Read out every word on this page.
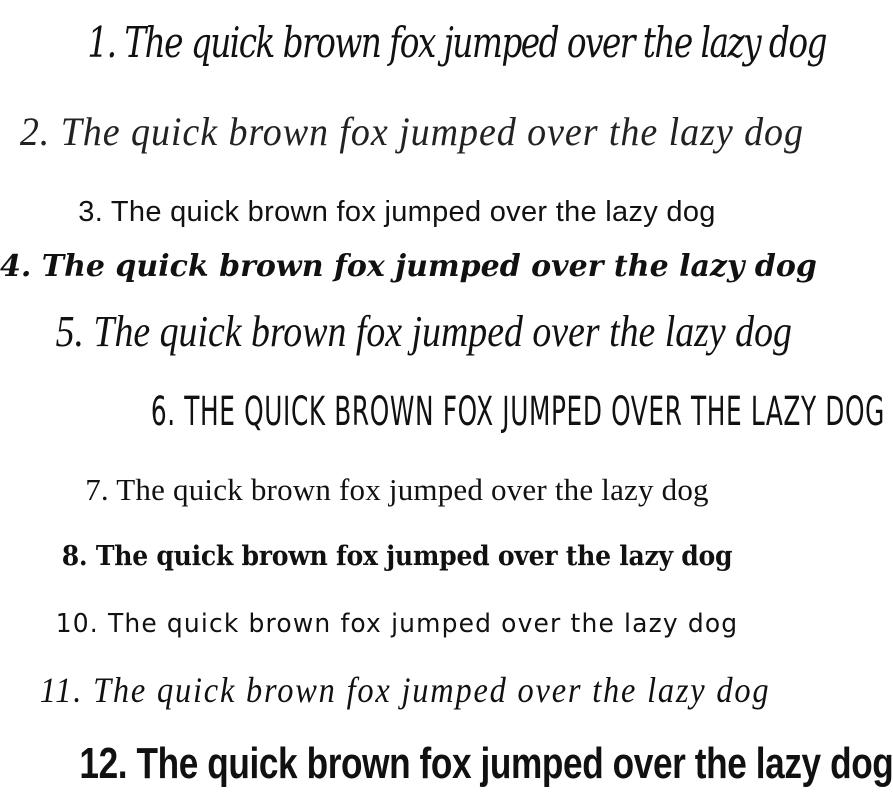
1. The quick brown fox jumped over the lazy dog
2. The quick brown fox jumped over the lazy dog
3. The quick brown fox jumped over the lazy dog
4. The quick brown fox jumped over the lazy dog
5. The quick brown fox jumped over the lazy dog
6. THE QUICK BROWN FOX JUMPED OVER THE LAZY DOG
7. The quick brown fox jumped over the lazy dog
8. The quick brown fox jumped over the lazy dog
10. The quick brown fox jumped over the lazy dog
11. The quick brown fox jumped over the lazy dog
12. The quick brown fox jumped over the lazy dog
